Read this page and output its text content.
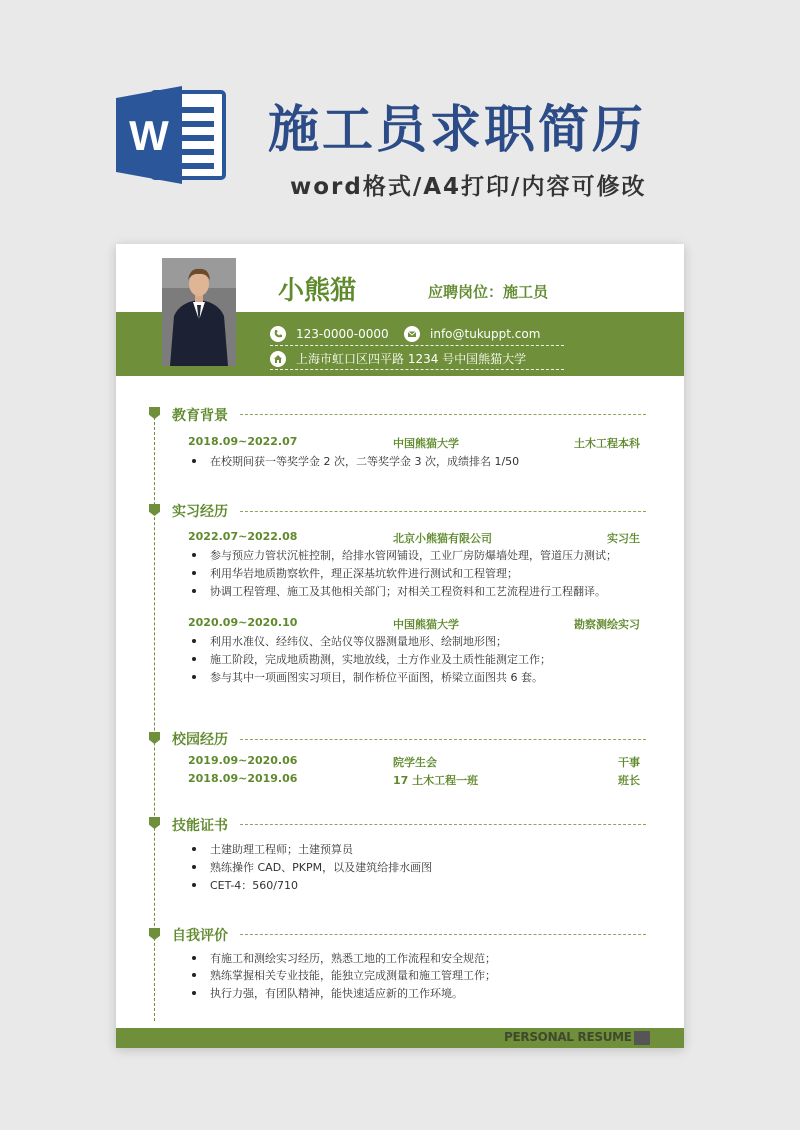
W 施工员求职简历
word格式/A4打印/内容可修改
小熊猫	应聘岗位：施工员
123-0000-0000	info@tukuppt.com
上海市虹口区四平路 1234 号中国熊猫大学
教育背景
2018.09~2022.07	中国熊猫大学	土木工程本科
在校期间获一等奖学金 2 次，二等奖学金 3 次，成绩排名 1/50
实习经历
2022.07~2022.08	北京小熊猫有限公司	实习生
参与预应力管状沉桩控制，给排水管网铺设，工业厂房防爆墙处理，管道压力测试；
利用华岩地质勘察软件，理正深基坑软件进行测试和工程管理；
协调工程管理、施工及其他相关部门；对相关工程资料和工艺流程进行工程翻译。
2020.09~2020.10	中国熊猫大学	勘察测绘实习
利用水准仪、经纬仪、全站仪等仪器测量地形、绘制地形图；
施工阶段，完成地质勘测，实地放线，土方作业及土质性能测定工作；
参与其中一项画图实习项目，制作桥位平面图，桥梁立面图共 6 套。
校园经历
2019.09~2020.06	院学生会	干事
2018.09~2019.06	17 土木工程一班	班长
技能证书
土建助理工程师；土建预算员
熟练操作 CAD、PKPM，以及建筑给排水画图
CET-4：560/710
自我评价
有施工和测绘实习经历，熟悉工地的工作流程和安全规范；
熟练掌握相关专业技能，能独立完成测量和施工管理工作；
执行力强，有团队精神，能快速适应新的工作环境。
PERSONAL RESUME
